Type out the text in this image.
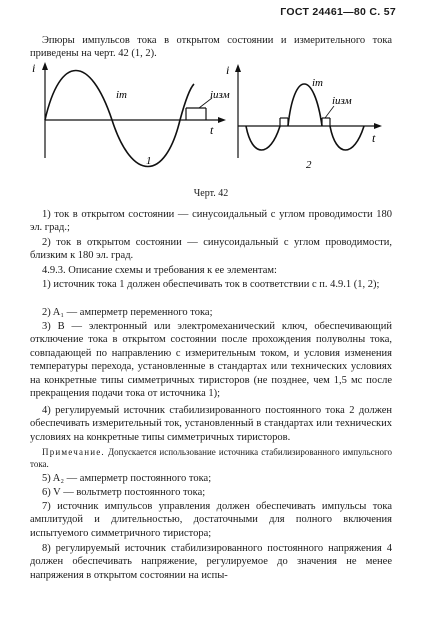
ГОСТ 24461—80 С. 57

Эпюры импульсов тока в открытом состоянии и измерительного тока приведены на черт. 42 (1, 2).

i
t
iт	iизм
1
i
t
iт
iизм
2
Черт. 42

1) ток в открытом состоянии — синусоидальный с углом проводимости 180 эл. град.;

2) ток в открытом состоянии — синусоидальный с углом проводимости, близким к 180 эл. град.

4.9.3. Описание схемы и требования к ее элементам:

1) источник тока 1 должен обеспечивать ток в соответствии с п. 4.9.1 (1, 2);

2) A₁ — амперметр переменного тока;

3) B — электронный или электромеханический ключ, обеспечивающий отключение тока в открытом состоянии после прохождения полуволны тока, совпадающей по направлению с измерительным током, и условия изменения температуры перехода, установленные в стандартах или технических условиях на конкретные типы симметричных тиристоров (не позднее, чем 1,5 мс после прекращения подачи тока от источника 1);

4) регулируемый источник стабилизированного постоянного тока 2 должен обеспечивать измерительный ток, установленный в стандартах или технических условиях на конкретные типы симметричных тиристоров.

Примечание. Допускается использование источника стабилизированного импульсного тока.

5) A₂ — амперметр постоянного тока;

6) V — вольтметр постоянного тока;

7) источник импульсов управления должен обеспечивать импульсы тока амплитудой и длительностью, достаточными для полного включения испытуемого симметричного тиристора;

8) регулируемый источник стабилизированного постоянного напряжения 4 должен обеспечивать напряжение, регулируемое до значения не менее напряжения в открытом состоянии на испы-
